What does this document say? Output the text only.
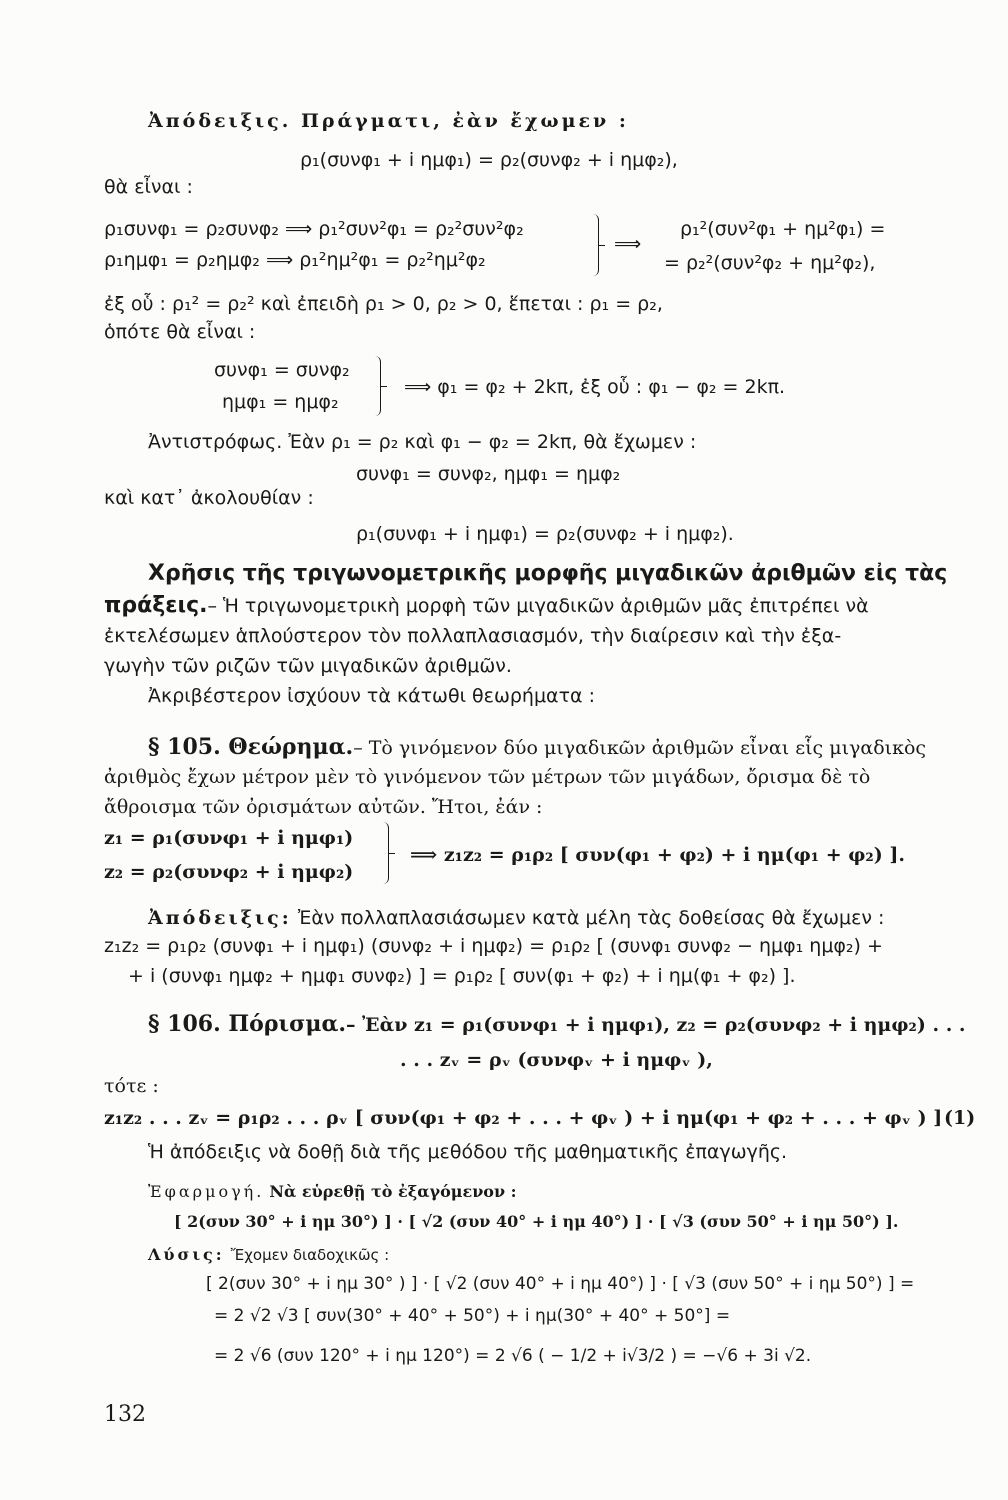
Ἀπόδειξις. Πράγματι, ἐὰν ἔχωμεν :
ρ₁(συνφ₁ + i ημφ₁) = ρ₂(συνφ₂ + i ημφ₂),
θὰ εἶναι :
ρ₁συνφ₁ = ρ₂συνφ₂ ⟹ ρ₁²συν²φ₁ = ρ₂²συν²φ₂
ρ₁ημφ₁ = ρ₂ημφ₂ ⟹ ρ₁²ημ²φ₁ = ρ₂²ημ²φ₂
⟹
ρ₁²(συν²φ₁ + ημ²φ₁) =
= ρ₂²(συν²φ₂ + ημ²φ₂),
ἐξ οὗ : ρ₁² = ρ₂² καὶ ἐπειδὴ ρ₁ > 0, ρ₂ > 0, ἕπεται : ρ₁ = ρ₂,
ὁπότε θὰ εἶναι :
συνφ₁ = συνφ₂
ημφ₁ = ημφ₂
⟹ φ₁ = φ₂ + 2kπ, ἐξ οὗ : φ₁ − φ₂ = 2kπ.
Ἀντιστρόφως. Ἐὰν ρ₁ = ρ₂ καὶ φ₁ − φ₂ = 2kπ, θὰ ἔχωμεν :
συνφ₁ = συνφ₂, ημφ₁ = ημφ₂
καὶ κατ᾿ ἀκολουθίαν :
ρ₁(συνφ₁ + i ημφ₁) = ρ₂(συνφ₂ + i ημφ₂).
Χρῆσις τῆς τριγωνομετρικῆς μορφῆς μιγαδικῶν ἀριθμῶν εἰς τὰς
πράξεις.– Ἡ τριγωνομετρικὴ μορφὴ τῶν μιγαδικῶν ἀριθμῶν μᾶς ἐπιτρέπει νὰ
ἐκτελέσωμεν ἁπλούστερον τὸν πολλαπλασιασμόν, τὴν διαίρεσιν καὶ τὴν ἐξα-
γωγὴν τῶν ριζῶν τῶν μιγαδικῶν ἀριθμῶν.
Ἀκριβέστερον ἰσχύουν τὰ κάτωθι θεωρήματα :
§ 105. Θεώρημα.– Τὸ γινόμενον δύο μιγαδικῶν ἀριθμῶν εἶναι εἷς μιγαδικὸς
ἀριθμὸς ἔχων μέτρον μὲν τὸ γινόμενον τῶν μέτρων τῶν μιγάδων, ὄρισμα δὲ τὸ
ἄθροισμα τῶν ὀρισμάτων αὐτῶν. Ἤτοι, ἐάν :
z₁ = ρ₁(συνφ₁ + i ημφ₁)
z₂ = ρ₂(συνφ₂ + i ημφ₂)
⟹ z₁z₂ = ρ₁ρ₂ [ συν(φ₁ + φ₂) + i ημ(φ₁ + φ₂) ].
Ἀπόδειξις: Ἐὰν πολλαπλασιάσωμεν κατὰ μέλη τὰς δοθείσας θὰ ἔχωμεν :
z₁z₂ = ρ₁ρ₂ (συνφ₁ + i ημφ₁) (συνφ₂ + i ημφ₂) = ρ₁ρ₂ [ (συνφ₁ συνφ₂ − ημφ₁ ημφ₂) +
+ i (συνφ₁ ημφ₂ + ημφ₁ συνφ₂) ] = ρ₁ρ₂ [ συν(φ₁ + φ₂) + i ημ(φ₁ + φ₂) ].
§ 106. Πόρισμα.– Ἐὰν z₁ = ρ₁(συνφ₁ + i ημφ₁), z₂ = ρ₂(συνφ₂ + i ημφ₂) . . .
. . . zᵥ = ρᵥ (συνφᵥ + i ημφᵥ ),
τότε :
z₁z₂ . . . zᵥ = ρ₁ρ₂ . . . ρᵥ [ συν(φ₁ + φ₂ + . . . + φᵥ ) + i ημ(φ₁ + φ₂ + . . . + φᵥ ) ] (1)
Ἡ ἀπόδειξις νὰ δοθῇ διὰ τῆς μεθόδου τῆς μαθηματικῆς ἐπαγωγῆς.
Ἐφαρμογή. Νὰ εὑρεθῇ τὸ ἐξαγόμενον :
[ 2(συν 30° + i ημ 30°) ] · [ √2 (συν 40° + i ημ 40°) ] · [ √3 (συν 50° + i ημ 50°) ].
Λύσις: Ἔχομεν διαδοχικῶς :
[ 2(συν 30° + i ημ 30° ) ] · [ √2 (συν 40° + i ημ 40°) ] · [ √3 (συν 50° + i ημ 50°) ] =
= 2 √2 √3 [ συν(30° + 40° + 50°) + i ημ(30° + 40° + 50°] =
= 2 √6 (συν 120° + i ημ 120°) = 2 √6 ( − 1/2 + i√3/2 ) = −√6 + 3i √2.
132
